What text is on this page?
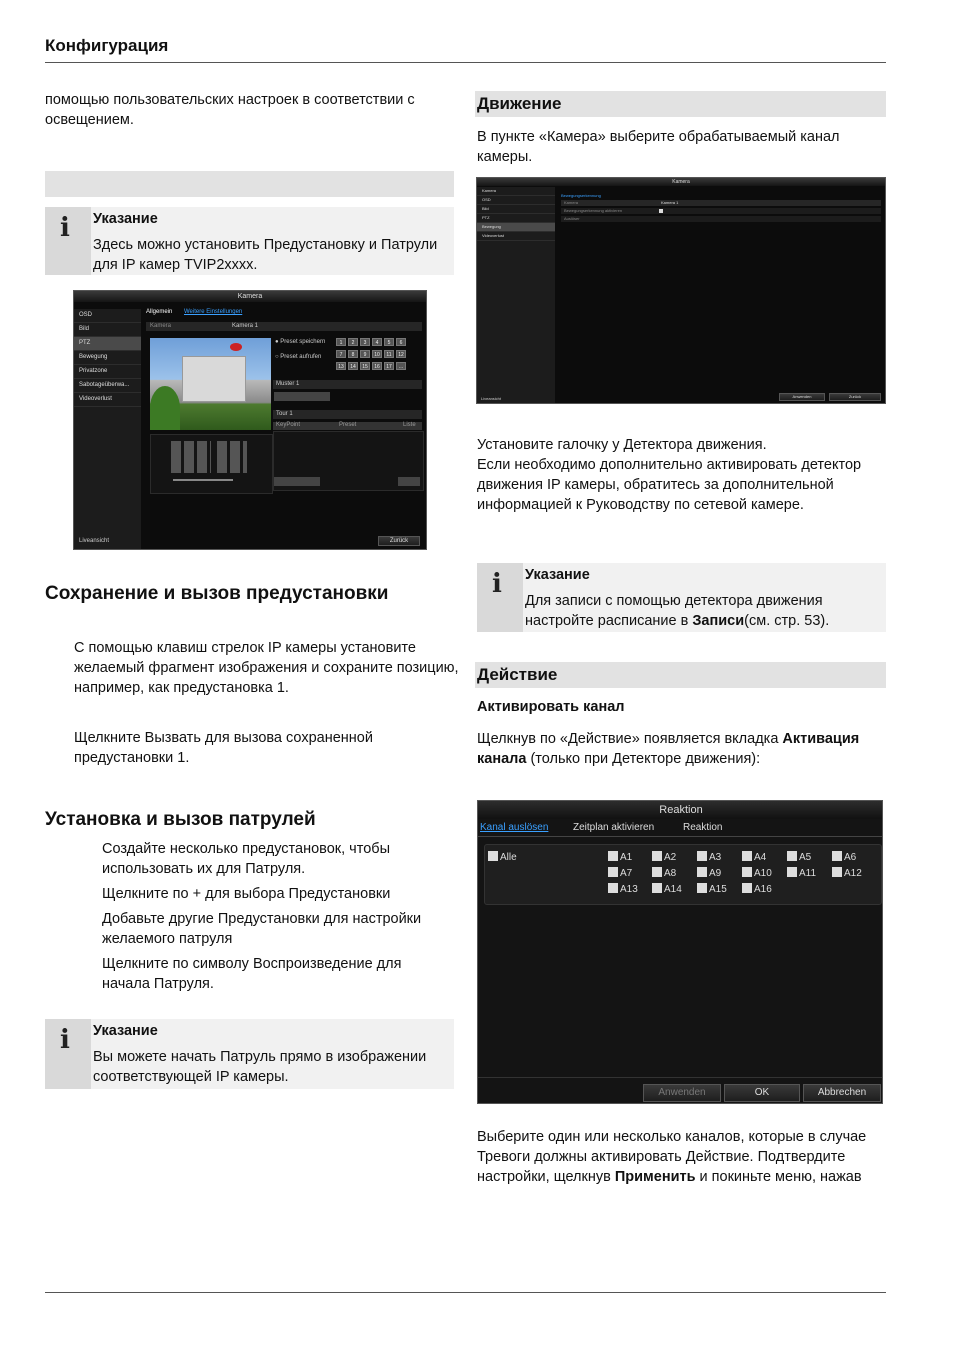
Конфигурация

помощью пользовательских настроек в соответствии с освещением.

i Указание
Здесь можно установить Предустановку и Патрули для IP камер TVIP2xxxx.
Kamera
OSD
Bild
PTZ
Bewegung
Privatzone
Sabotageüberwa...
Videoverlust
Liveansicht
Allgemein Weitere Einstellungen
Kamera	Kamera 1
● Preset speichern
○ Preset aufrufen
1	2	3	4	5	6
7	8	9	10	11	12
13	14	15	16	17	…
Muster 1
Tour 1
KeyPoint	Preset	Liste
Zurück
Сохранение и вызов предустановки

С помощью клавиш стрелок IP камеры установите желаемый фрагмент изображения и сохраните позицию, например, как предустановка 1.

Щелкните Вызвать для вызова сохраненной предустановки 1.

Установка и вызов патрулей

Создайте несколько предустановок, чтобы использовать их для Патруля.

Щелкните по + для выбора Предустановки

Добавьте другие Предустановки для настройки желаемого патруля

Щелкните по символу Воспроизведение для начала Патруля.

i Указание
Вы можете начать Патруль прямо в изображении соответствующей IP камеры.
Движение

В пункте «Камера» выберите обрабатываемый канал камеры.

Kamera
Kamera
OSD
Bild
PTZ
Bewegung
Videoverlust
Liveansicht
Bewegungserkennung
Kamera	Kamera 1
Bewegungserkennung aktivieren
Auslöser
Anwenden	Zurück

Установите галочку у Детектора движения.

Если необходимо дополнительно активировать детектор движения IP камеры, обратитесь за дополнительной информацией к Руководству по сетевой камере.

i Указание
Для записи с помощью детектора движения настройте расписание в Записи(см. стр. 53).
Действие
Активировать канал

Щелкнув по «Действие» появляется вкладка Активация канала (только при Детекторе движения):

Reaktion
Kanal auslösen Zeitplan aktivieren	Reaktion
Alle
Anwenden	OK	Abbrechen
A1	A2	A3	A4	A5	A6
A7	A8	A9	A10	A11	A12
A13	A14	A15	A16

Выберите один или несколько каналов, которые в случае Тревоги должны активировать Действие. Подтвердите настройки, щелкнув Применить и покиньте меню, нажав
